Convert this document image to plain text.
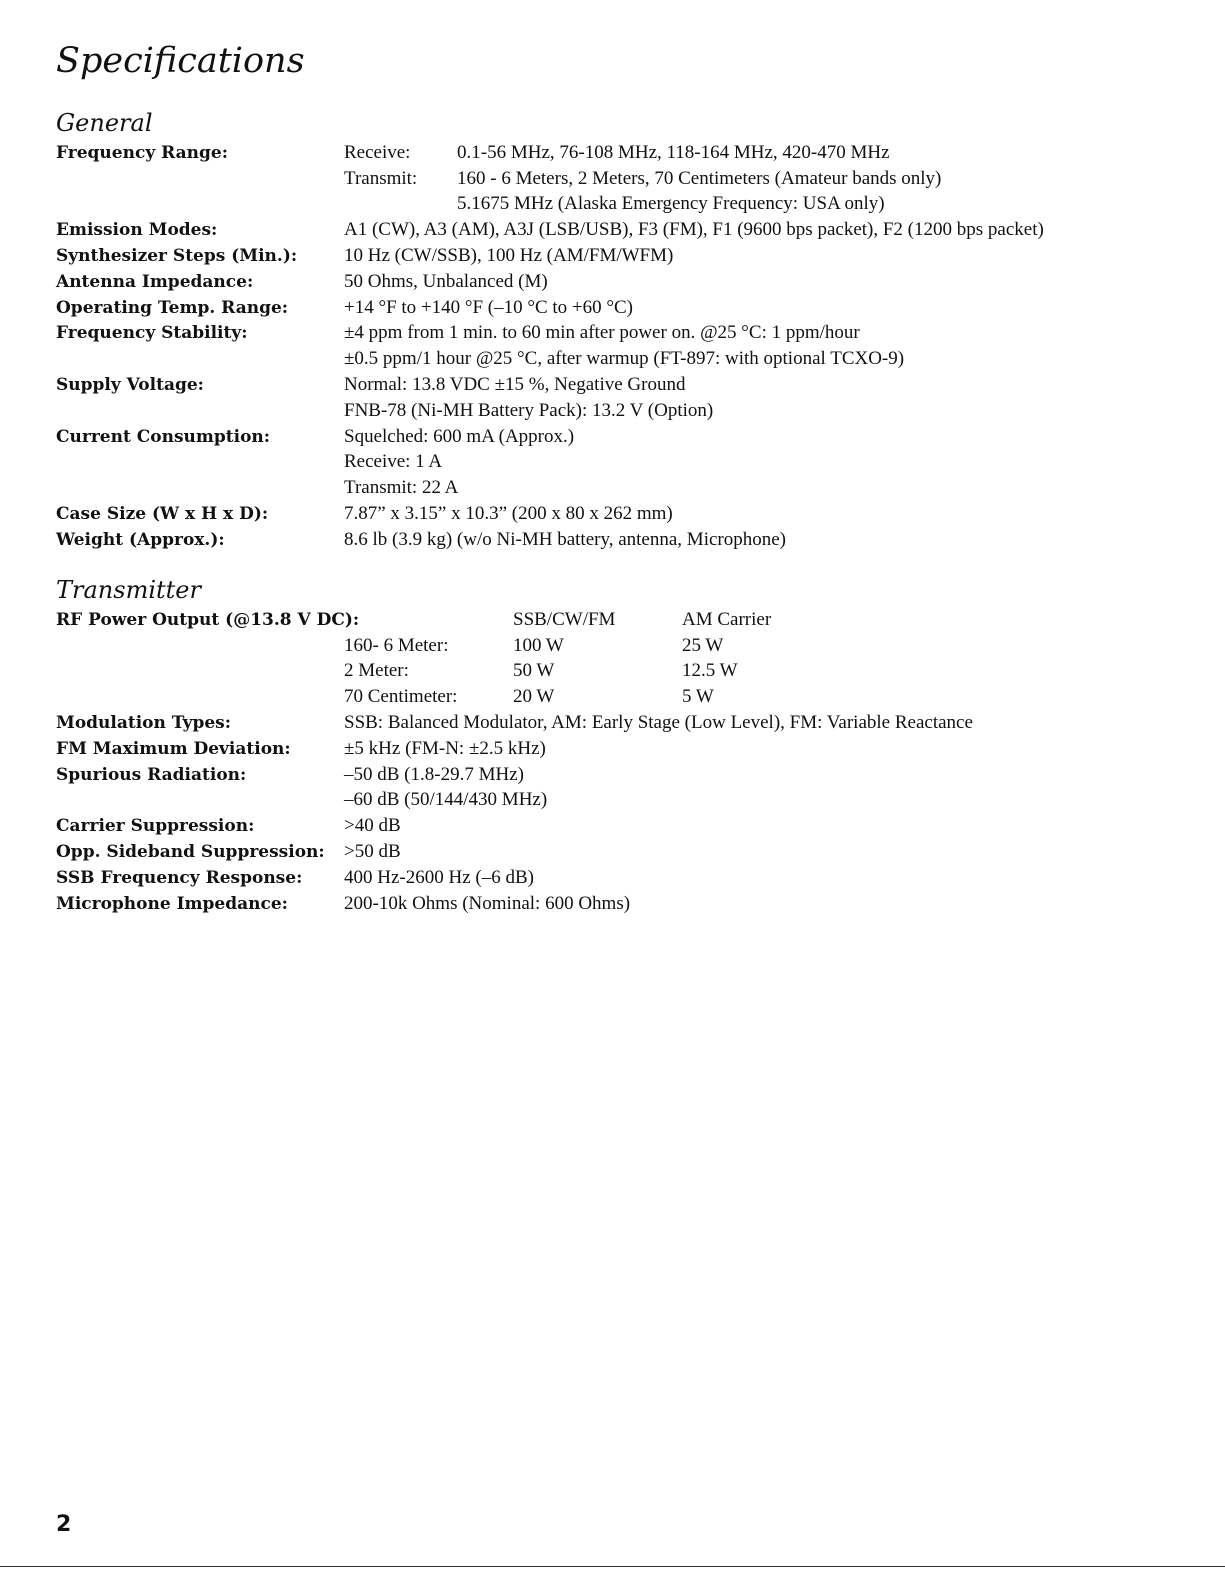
Specifications
General
Frequency Range:	Receive:	0.1-56 MHz, 76-108 MHz, 118-164 MHz, 420-470 MHz
Transmit:	160 - 6 Meters, 2 Meters, 70 Centimeters (Amateur bands only)
5.1675 MHz (Alaska Emergency Frequency: USA only)
Emission Modes:	A1 (CW), A3 (AM), A3J (LSB/USB), F3 (FM), F1 (9600 bps packet), F2 (1200 bps packet)
Synthesizer Steps (Min.):	10 Hz (CW/SSB), 100 Hz (AM/FM/WFM)
Antenna Impedance:	50 Ohms, Unbalanced (M)
Operating Temp. Range:	+14 °F to +140 °F (–10 °C to +60 °C)
Frequency Stability:	±4 ppm from 1 min. to 60 min after power on. @25 °C: 1 ppm/hour
±0.5 ppm/1 hour @25 °C, after warmup (FT-897: with optional TCXO-9)
Supply Voltage:	Normal: 13.8 VDC ±15 %, Negative Ground
FNB-78 (Ni-MH Battery Pack): 13.2 V (Option)
Current Consumption:	Squelched: 600 mA (Approx.)
Receive: 1 A
Transmit: 22 A
Case Size (W x H x D):	7.87” x 3.15” x 10.3” (200 x 80 x 262 mm)
Weight (Approx.):	8.6 lb (3.9 kg) (w/o Ni-MH battery, antenna, Microphone)
Transmitter
RF Power Output (@13.8 V DC):	SSB/CW/FM	AM Carrier
160- 6 Meter:	100 W	25 W
2 Meter:	50 W	12.5 W
70 Centimeter:	20 W	5 W
Modulation Types:	SSB: Balanced Modulator, AM: Early Stage (Low Level), FM: Variable Reactance
FM Maximum Deviation:	±5 kHz (FM-N: ±2.5 kHz)
Spurious Radiation:	–50 dB (1.8-29.7 MHz)
–60 dB (50/144/430 MHz)
Carrier Suppression:	>40 dB
Opp. Sideband Suppression:	>50 dB
SSB Frequency Response:	400 Hz-2600 Hz (–6 dB)
Microphone Impedance:	200-10k Ohms (Nominal: 600 Ohms)
2
